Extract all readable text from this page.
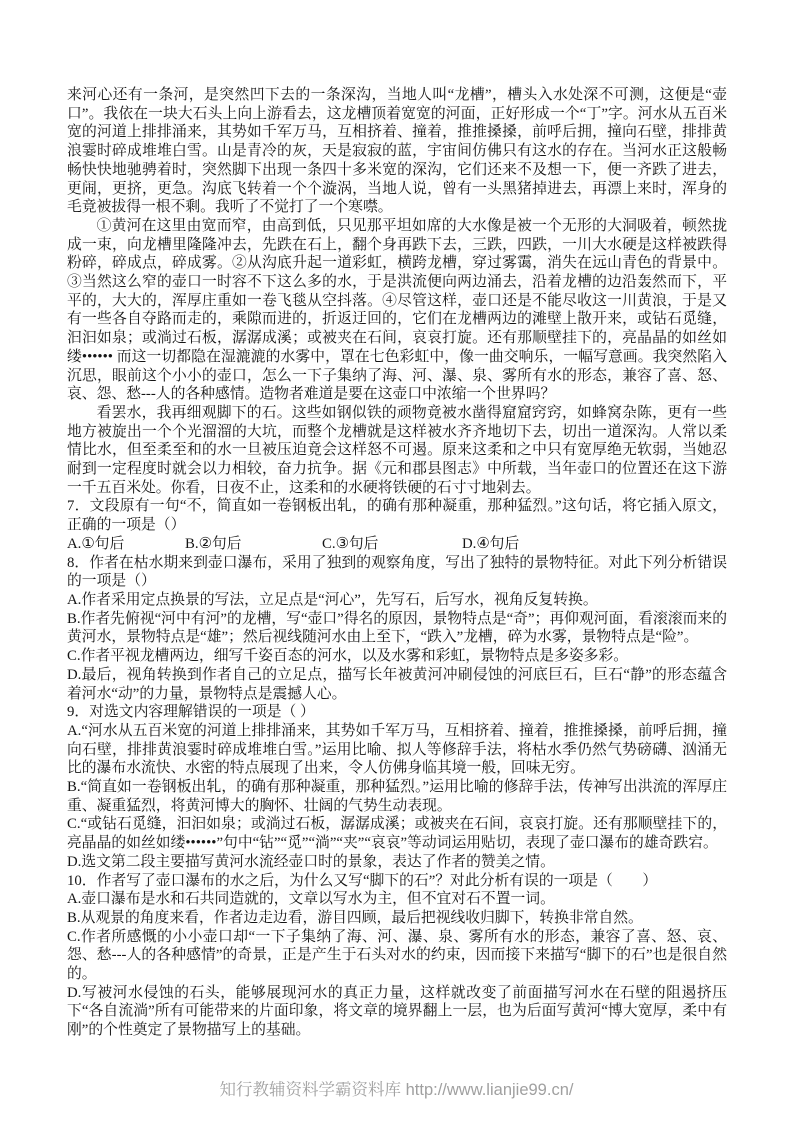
来河心还有一条河，是突然凹下去的一条深沟，当地人叫“龙槽”，槽头入水处深不可测，这便是“壶口”。我依在一块大石头上向上游看去，这龙槽顶着宽宽的河面，正好形成一个“丁”字。河水从五百米宽的河道上排排涌来，其势如千军万马，互相挤着、撞着，推推搡搡，前呼后拥，撞向石壁，排排黄浪霎时碎成堆堆白雪。山是青冷的灰，天是寂寂的蓝，宇宙间仿佛只有这水的存在。当河水正这般畅畅快快地驰骋着时，突然脚下出现一条四十多米宽的深沟，它们还来不及想一下，便一齐跌了进去，更闹，更挤，更急。沟底飞转着一个个漩涡，当地人说，曾有一头黑猪掉进去，再漂上来时，浑身的毛竟被拔得一根不剩。我听了不觉打了一个寒噤。

①黄河在这里由宽而窄，由高到低，只见那平坦如席的大水像是被一个无形的大洞吸着，顿然拢成一束，向龙槽里隆隆冲去，先跌在石上，翻个身再跌下去，三跌，四跌，一川大水硬是这样被跌得粉碎，碎成点，碎成雾。②从沟底升起一道彩虹，横跨龙槽，穿过雾霭，消失在远山青色的背景中。③当然这么窄的壶口一时容不下这么多的水，于是洪流便向两边涌去，沿着龙槽的边沿轰然而下，平平的，大大的，浑厚庄重如一卷飞毯从空抖落。④尽管这样，壶口还是不能尽收这一川黄浪，于是又有一些各自夺路而走的，乘隙而进的，折返迂回的，它们在龙槽两边的滩壁上散开来，或钻石觅缝，汩汩如泉；或淌过石板，潺潺成溪；或被夹在石间，哀哀打旋。还有那顺壁挂下的，亮晶晶的如丝如缕•••••• 而这一切都隐在湿漉漉的水雾中，罩在七色彩虹中，像一曲交响乐，一幅写意画。我突然陷入沉思，眼前这个小小的壶口，怎么一下子集纳了海、河、瀑、泉、雾所有水的形态，兼容了喜、怒、哀、怨、愁---人的各种感情。造物者难道是要在这壶口中浓缩一个世界吗？

看罢水，我再细观脚下的石。这些如钢似铁的顽物竟被水凿得窟窟窍窍，如蜂窝杂陈，更有一些地方被旋出一个个光溜溜的大坑，而整个龙槽就是这样被水齐齐地切下去，切出一道深沟。人常以柔情比水，但至柔至和的水一旦被压迫竟会这样怒不可遏。原来这柔和之中只有宽厚绝无软弱，当她忍耐到一定程度时就会以力相较，奋力抗争。据《元和郡县图志》中所载，当年壶口的位置还在这下游一千五百米处。你看，日夜不止，这柔和的水硬将铁硬的石寸寸地剁去。

7．文段原有一句“不，简直如一卷钢板出轧，的确有那种凝重，那种猛烈。”这句话，将它插入原文，正确的一项是（）

A.①句后	B.②句后	C.③句后	D.④句后

8．作者在枯水期来到壶口瀑布，采用了独到的观察角度，写出了独特的景物特征。对此下列分析错误的一项是（）

A.作者采用定点换景的写法，立足点是“河心”，先写石，后写水，视角反复转换。

B.作者先俯视“河中有河”的龙槽，写“壶口”得名的原因，景物特点是“奇”；再仰观河面，看滚滚而来的黄河水，景物特点是“雄”；然后视线随河水由上至下，“跌入”龙槽，碎为水雾，景物特点是“险”。

C.作者平视龙槽两边，细写千姿百态的河水，以及水雾和彩虹，景物特点是多姿多彩。

D.最后，视角转换到作者自己的立足点，描写长年被黄河冲刷侵蚀的河底巨石，巨石“静”的形态蕴含着河水“动”的力量，景物特点是震撼人心。

9．对选文内容理解错误的一项是（ ）

A.“河水从五百米宽的河道上排排涌来，其势如千军万马，互相挤着、撞着，推推搡搡，前呼后拥，撞向石壁，排排黄浪霎时碎成堆堆白雪。”运用比喻、拟人等修辞手法，将枯水季仍然气势磅礴、汹涌无比的瀑布水流快、水密的特点展现了出来，令人仿佛身临其境一般，回味无穷。

B.“简直如一卷钢板出轧，的确有那种凝重，那种猛烈。”运用比喻的修辞手法，传神写出洪流的浑厚庄重、凝重猛烈，将黄河博大的胸怀、壮阔的气势生动表现。

C.“或钻石觅缝，汩汩如泉；或淌过石板，潺潺成溪；或被夹在石间，哀哀打旋。还有那顺壁挂下的，亮晶晶的如丝如缕••••••”句中“钻”“觅”“淌”“夹”“哀哀”等动词运用贴切，表现了壶口瀑布的雄奇跌宕。

D.选文第二段主要描写黄河水流经壶口时的景象，表达了作者的赞美之情。

10．作者写了壶口瀑布的水之后，为什么又写“脚下的石”？对此分析有误的一项是（　　）

A.壶口瀑布是水和石共同造就的，文章以写水为主，但不宜对石不置一词。

B.从观景的角度来看，作者边走边看，游目四顾，最后把视线收归脚下，转换非常自然。

C.作者所感慨的小小壶口却“一下子集纳了海、河、瀑、泉、雾所有水的形态，兼容了喜、怒、哀、怨、愁---人的各种感情”的奇景，正是产生于石头对水的约束，因而接下来描写“脚下的石”也是很自然的。

D.写被河水侵蚀的石头，能够展现河水的真正力量，这样就改变了前面描写河水在石壁的阻遏挤压下“各自流淌”所有可能带来的片面印象，将文章的境界翻上一层，也为后面写黄河“博大宽厚，柔中有刚”的个性奠定了景物描写上的基础。

知行教辅资料学霸资料库 http://www.lianjie99.cn/
